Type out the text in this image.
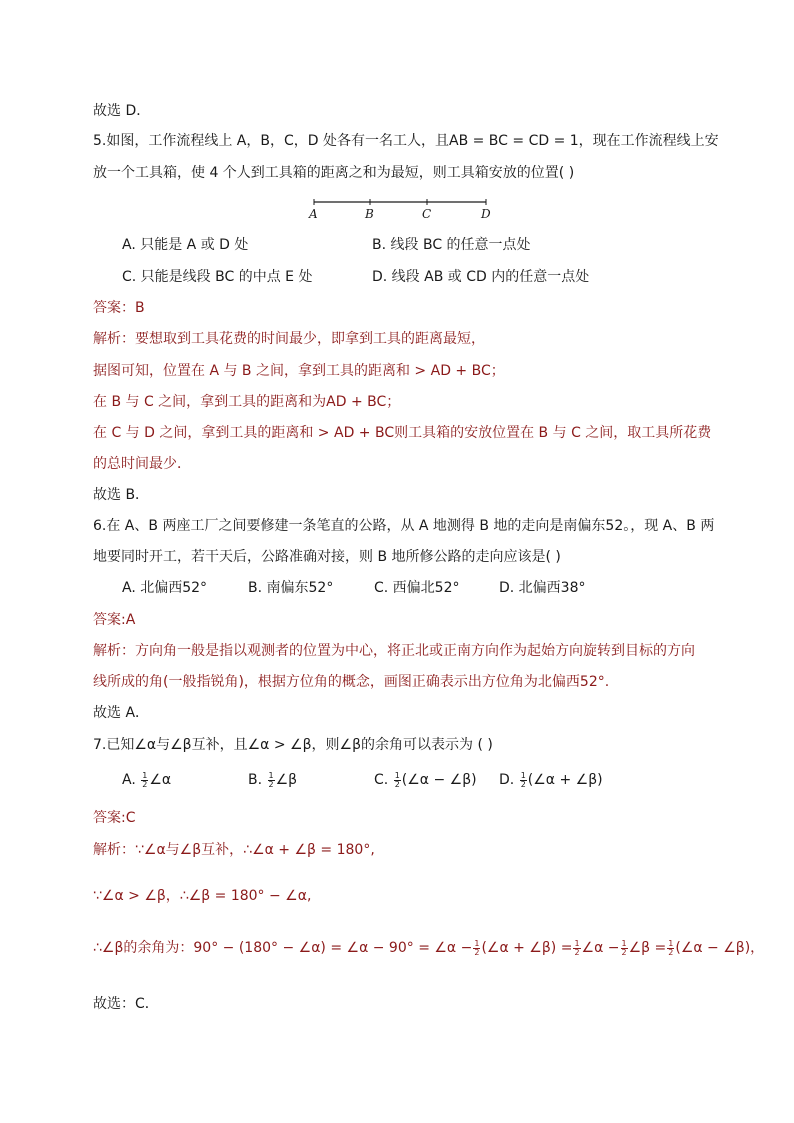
故选 D．
5.如图，工作流程线上 A，B，C，D 处各有一名工人，且AB = BC = CD = 1，现在工作流程线上安
放一个工具箱，使 4 个人到工具箱的距离之和为最短，则工具箱安放的位置( )
A	B	C	D
A. 只能是 A 或 D 处	B. 线段 BC 的任意一点处
C. 只能是线段 BC 的中点 E 处	D. 线段 AB 或 CD 内的任意一点处
答案：B
解析：要想取到工具花费的时间最少，即拿到工具的距离最短，
据图可知，位置在 A 与 B 之间，拿到工具的距离和 > AD + BC；
在 B 与 C 之间，拿到工具的距离和为AD + BC；
在 C 与 D 之间，拿到工具的距离和 > AD + BC则工具箱的安放位置在 B 与 C 之间，取工具所花费
的总时间最少．
故选 B．
6.在 A、B 两座工厂之间要修建一条笔直的公路，从 A 地测得 B 地的走向是南偏东52。，现 A、B 两
地要同时开工，若干天后，公路准确对接，则 B 地所修公路的走向应该是( )
A. 北偏西52°	B. 南偏东52°	C. 西偏北52°	D. 北偏西38°
答案:A
解析：方向角一般是指以观测者的位置为中心，将正北或正南方向作为起始方向旋转到目标的方向
线所成的角(一般指锐角)，根据方位角的概念，画图正确表示出方位角为北偏西52°.
故选 A．
7.已知∠α与∠β互补，且∠α > ∠β，则∠β的余角可以表示为 ( )
A. $\frac{1}{2}$ ∠α	B. $\frac{1}{2}$ ∠β	C. $\frac{1}{2}$ (∠α − ∠β) D. $\frac{1}{2}$ (∠α + ∠β)
答案:C
解析：∵∠α与∠β互补，∴∠α + ∠β = 180°,
∵∠α > ∠β，∴∠β = 180° − ∠α,
∴∠β的余角为：90° − (180° − ∠α) = ∠α − 90° = ∠α − $\frac{1}{2}$ (∠α + ∠β) = $\frac{1}{2}$ ∠α − $\frac{1}{2}$ ∠β = $\frac{1}{2}$ (∠α − ∠β)，
故选：C．
